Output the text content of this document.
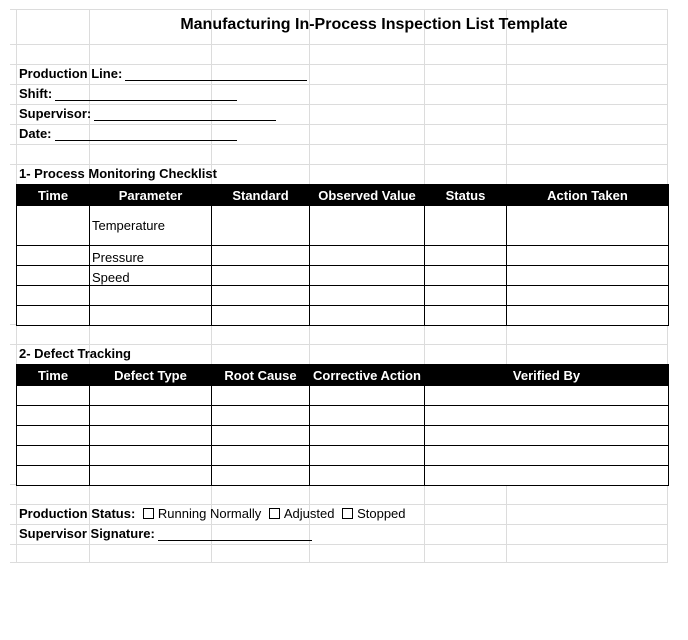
Manufacturing In-Process Inspection List Template
Production Line:
Shift:
Supervisor:
Date:
1- Process Monitoring Checklist
Time	Parameter	Standard	Observed Value	Status	Action Taken
	Temperature				
	Pressure				
	Speed				

2- Defect Tracking
Time	Defect Type	Root Cause	Corrective Action	Verified By

Production Status: Running Normally Adjusted Stopped
Supervisor Signature:
